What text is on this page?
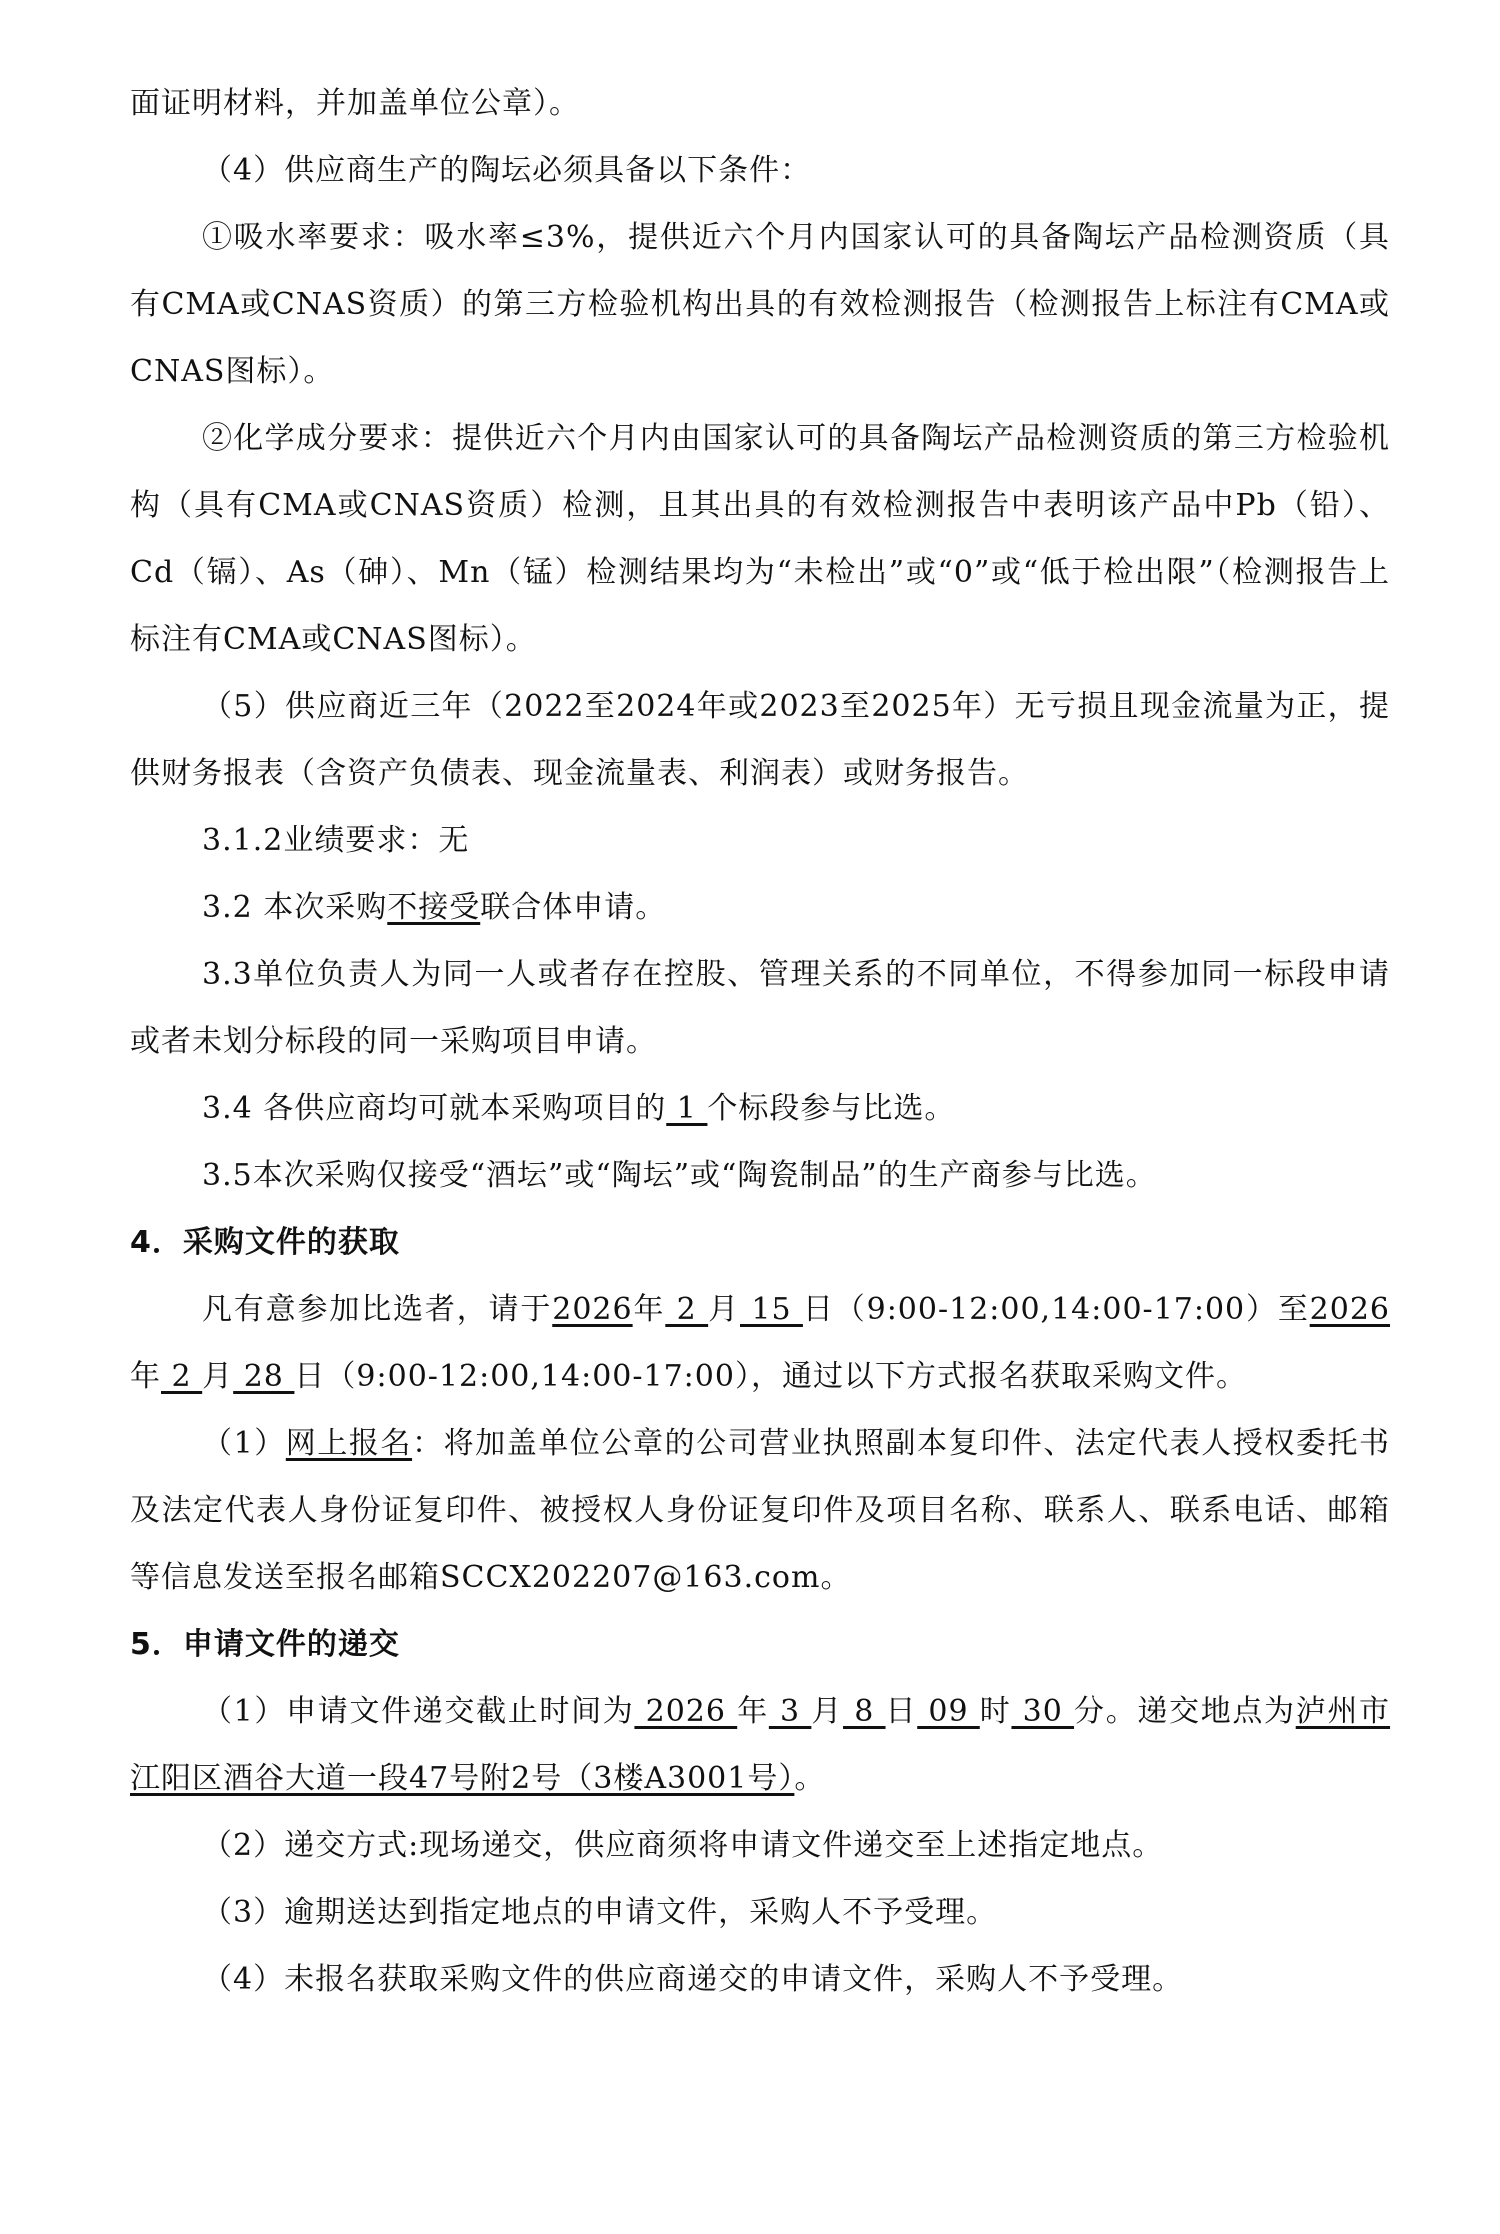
面证明材料，并加盖单位公章）。

（4）供应商生产的陶坛必须具备以下条件：

①吸水率要求：吸水率≤3%，提供近六个月内国家认可的具备陶坛产品检测资质（具有CMA或CNAS资质）的第三方检验机构出具的有效检测报告（检测报告上标注有CMA或CNAS图标）。

②化学成分要求：提供近六个月内由国家认可的具备陶坛产品检测资质的第三方检验机构（具有CMA或CNAS资质）检测，且其出具的有效检测报告中表明该产品中Pb（铅）、Cd（镉）、As（砷）、Mn（锰）检测结果均为“未检出”或“0”或“低于检出限”（检测报告上标注有CMA或CNAS图标）。

（5）供应商近三年（2022至2024年或2023至2025年）无亏损且现金流量为正，提供财务报表（含资产负债表、现金流量表、利润表）或财务报告。

3.1.2业绩要求：无

3.2 本次采购不接受联合体申请。

3.3单位负责人为同一人或者存在控股、管理关系的不同单位，不得参加同一标段申请或者未划分标段的同一采购项目申请。

3.4 各供应商均可就本采购项目的 1 个标段参与比选。

3.5本次采购仅接受“酒坛”或“陶坛”或“陶瓷制品”的生产商参与比选。

4．采购文件的获取

凡有意参加比选者，请于2026年 2 月 15 日（9:00-12:00,14:00-17:00）至2026 年 2 月 28 日（9:00-12:00,14:00-17:00），通过以下方式报名获取采购文件。

（1）网上报名：将加盖单位公章的公司营业执照副本复印件、法定代表人授权委托书及法定代表人身份证复印件、被授权人身份证复印件及项目名称、联系人、联系电话、邮箱等信息发送至报名邮箱SCCX202207@163.com。

5．申请文件的递交

（1）申请文件递交截止时间为 2026 年 3 月 8 日 09 时 30 分。递交地点为泸州市江阳区酒谷大道一段47号附2号（3楼A3001号）。

（2）递交方式:现场递交，供应商须将申请文件递交至上述指定地点。

（3）逾期送达到指定地点的申请文件，采购人不予受理。

（4）未报名获取采购文件的供应商递交的申请文件，采购人不予受理。
